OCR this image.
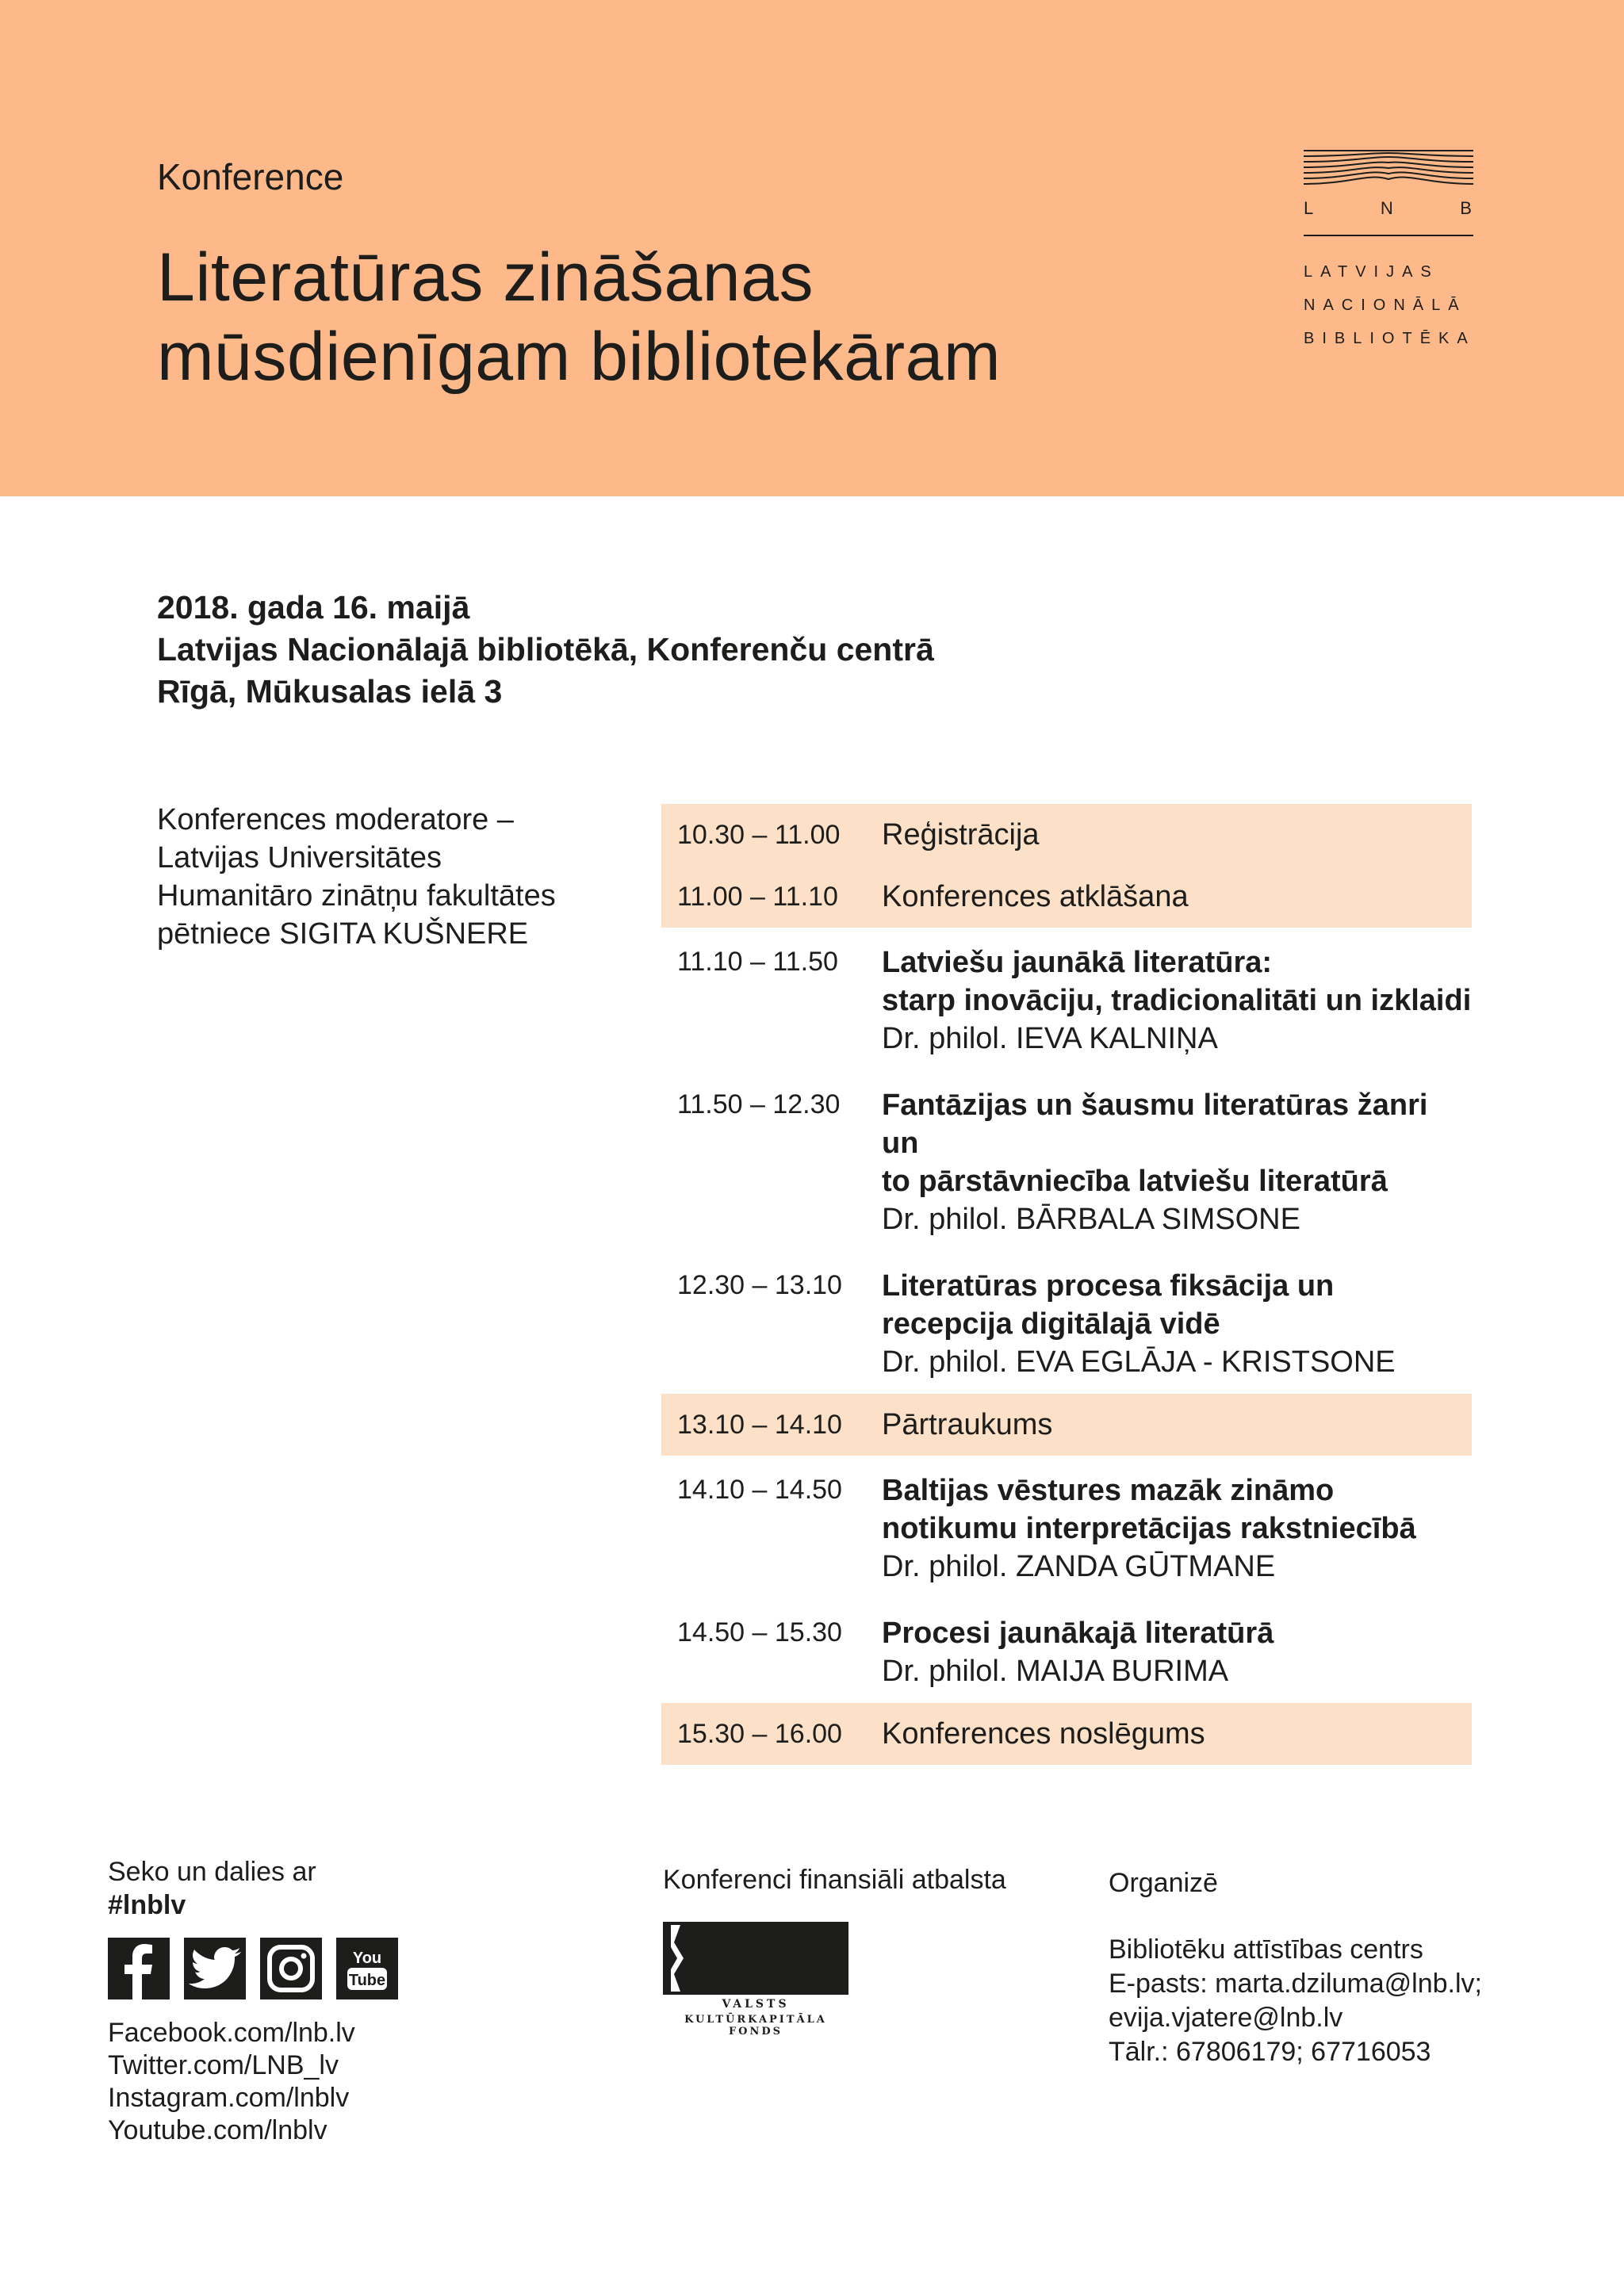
Konference
Literatūras zināšanas
mūsdienīgam bibliotekāram
L	N	B
LATVIJAS
NACIONĀLĀ
BIBLIOTĒKA
2018. gada 16. maijā
Latvijas Nacionālajā bibliotēkā, Konferenču centrā
Rīgā, Mūkusalas ielā 3
Konferences moderatore –
Latvijas Universitātes
Humanitāro zinātņu fakultātes
pētniece SIGITA KUŠNERE
10.30 – 11.00	Reģistrācija
11.00 – 11.10	Konferences atklāšana
11.10 – 11.50	Latviešu jaunākā literatūra:
starp inovāciju, tradicionalitāti un izklaidi
Dr. philol. IEVA KALNIŅA
11.50 – 12.30	Fantāzijas un šausmu literatūras žanri un
to pārstāvniecība latviešu literatūrā
Dr. philol. BĀRBALA SIMSONE
12.30 – 13.10	Literatūras procesa fiksācija un
recepcija digitālajā vidē
Dr. philol. EVA EGLĀJA - KRISTSONE
13.10 – 14.10	Pārtraukums
14.10 – 14.50	Baltijas vēstures mazāk zināmo
notikumu interpretācijas rakstniecībā
Dr. philol. ZANDA GŪTMANE
14.50 – 15.30	Procesi jaunākajā literatūrā
Dr. philol. MAIJA BURIMA
15.30 – 16.00	Konferences noslēgums
Seko un dalies ar
#lnblv
You
Tube
Facebook.com/lnb.lv
Twitter.com/LNB_lv
Instagram.com/lnblv
Youtube.com/lnblv
Konferenci finansiāli atbalsta
VALSTS
KULTŪRKAPITĀLA FONDS
Organizē
Bibliotēku attīstības centrs
E-pasts: marta.dziluma@lnb.lv;
evija.vjatere@lnb.lv
Tālr.: 67806179; 67716053
